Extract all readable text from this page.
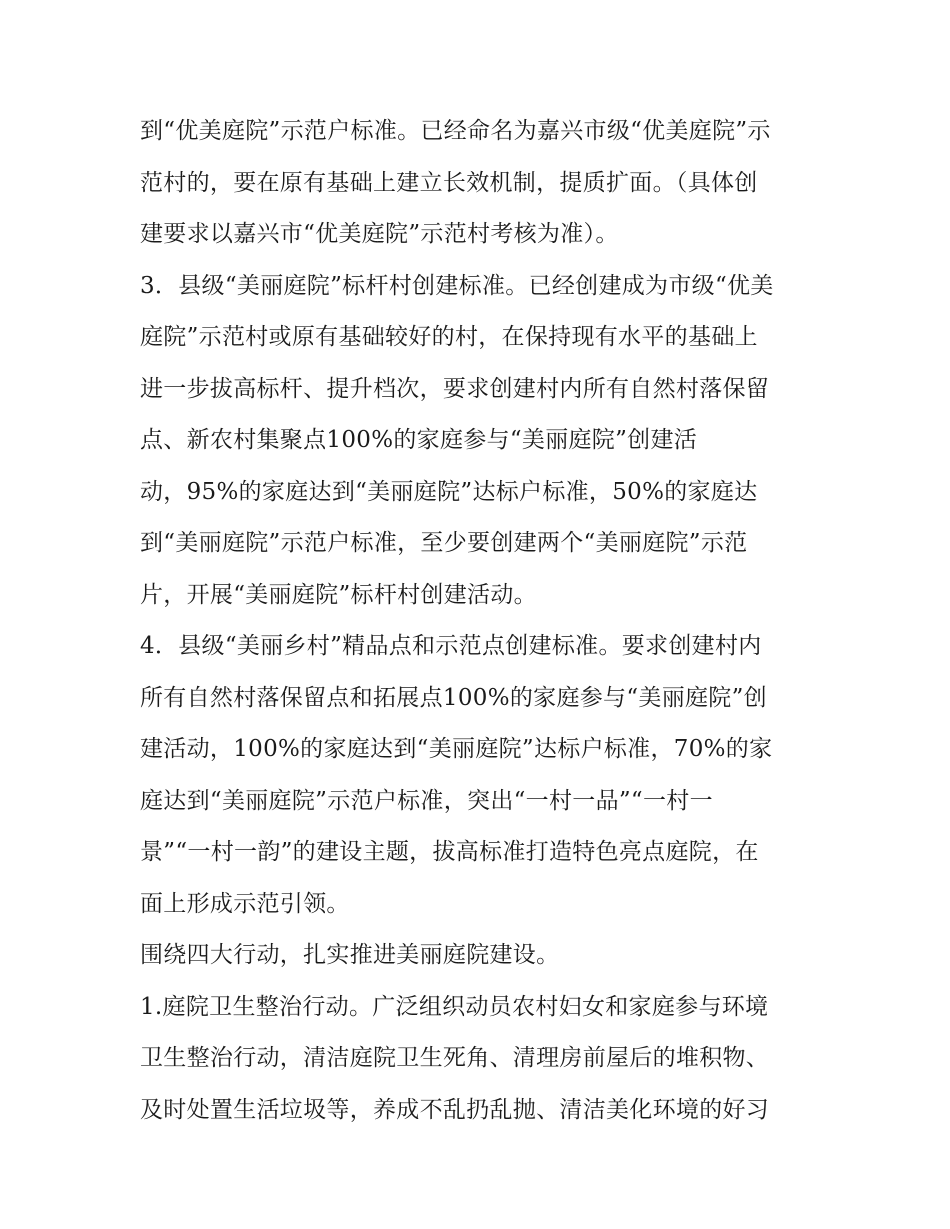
到“优美庭院”示范户标准。已经命名为嘉兴市级“优美庭院”示
范村的，要在原有基础上建立长效机制，提质扩面。（具体创
建要求以嘉兴市“优美庭院”示范村考核为准）。
3．县级“美丽庭院”标杆村创建标准。已经创建成为市级“优美
庭院”示范村或原有基础较好的村，在保持现有水平的基础上
进一步拔高标杆、提升档次，要求创建村内所有自然村落保留
点、新农村集聚点100%的家庭参与“美丽庭院”创建活
动，95%的家庭达到“美丽庭院”达标户标准，50%的家庭达
到“美丽庭院”示范户标准，至少要创建两个“美丽庭院”示范
片，开展“美丽庭院”标杆村创建活动。
4．县级“美丽乡村”精品点和示范点创建标准。要求创建村内
所有自然村落保留点和拓展点100%的家庭参与“美丽庭院”创
建活动，100%的家庭达到“美丽庭院”达标户标准，70%的家
庭达到“美丽庭院”示范户标准，突出“一村一品”“一村一
景”“一村一韵”的建设主题，拔高标准打造特色亮点庭院，在
面上形成示范引领。
围绕四大行动，扎实推进美丽庭院建设。
1.庭院卫生整治行动。广泛组织动员农村妇女和家庭参与环境
卫生整治行动，清洁庭院卫生死角、清理房前屋后的堆积物、
及时处置生活垃圾等，养成不乱扔乱抛、清洁美化环境的好习
